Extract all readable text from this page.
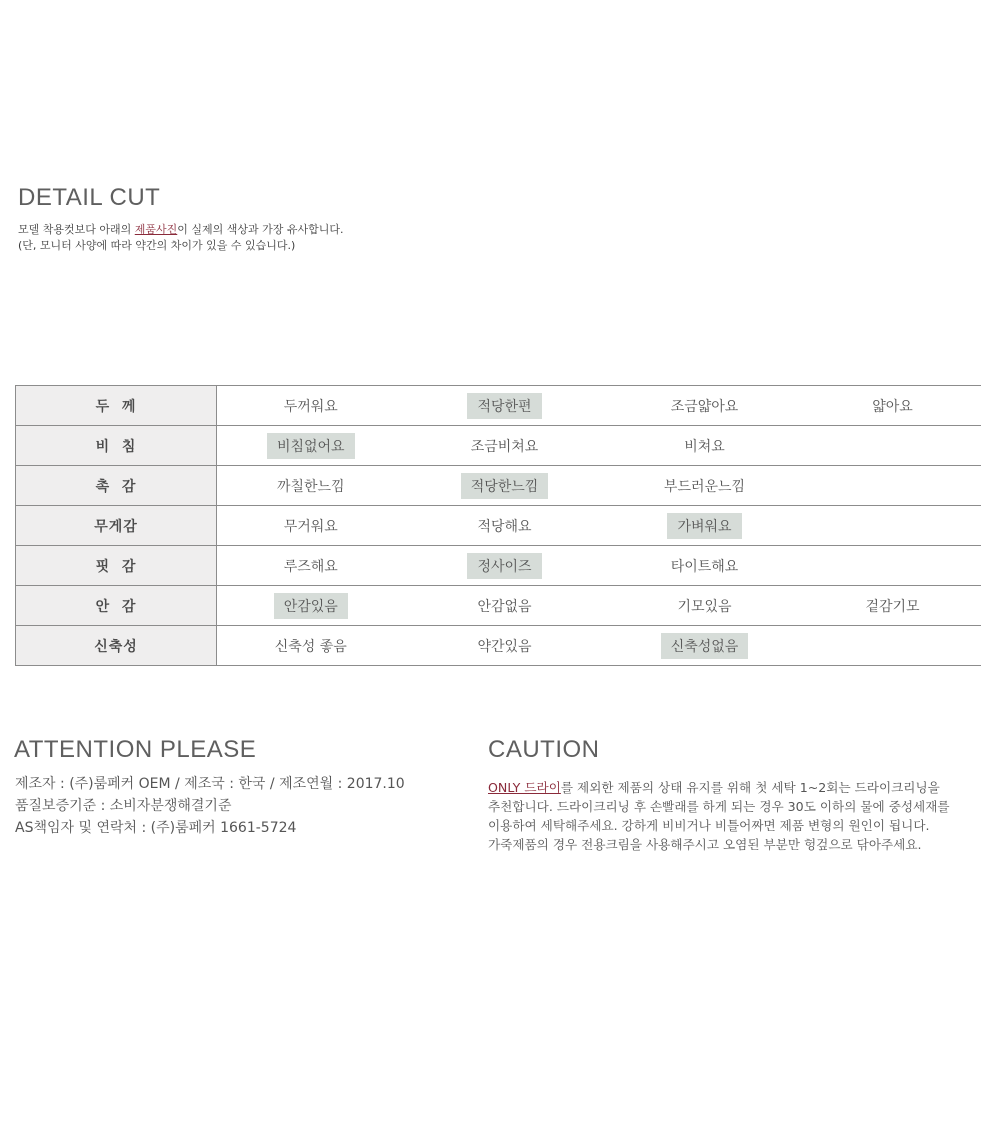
DETAIL CUT

모델 착용컷보다 아래의 제품사진이 실제의 색상과 가장 유사합니다.

(단, 모니터 사양에 따라 약간의 차이가 있을 수 있습니다.)

두  께	두꺼워요	적당한편	조금얇아요	얇아요
비  침	비침없어요	조금비쳐요	비쳐요	
촉  감	까칠한느낌	적당한느낌	부드러운느낌	
무게감	무거워요	적당해요	가벼워요	
핏  감	루즈해요	정사이즈	타이트해요	
안  감	안감있음	안감없음	기모있음	겉감기모
신축성	신축성 좋음	약간있음	신축성없음	
ATTENTION PLEASE

제조자 : (주)룸페커 OEM / 제조국 : 한국 / 제조연월 : 2017.10

품질보증기준 : 소비자분쟁해결기준

AS책임자 및 연락처 : (주)룸페커 1661-5724

CAUTION

ONLY 드라이를 제외한 제품의 상태 유지를 위해 첫 세탁 1~2회는 드라이크리닝을

추천합니다. 드라이크리닝 후 손빨래를 하게 되는 경우 30도 이하의 물에 중성세재를

이용하여 세탁해주세요. 강하게 비비거나 비틀어짜면 제품 변형의 원인이 됩니다.

가죽제품의 경우 전용크림을 사용해주시고 오염된 부분만 헝겊으로 닦아주세요.
